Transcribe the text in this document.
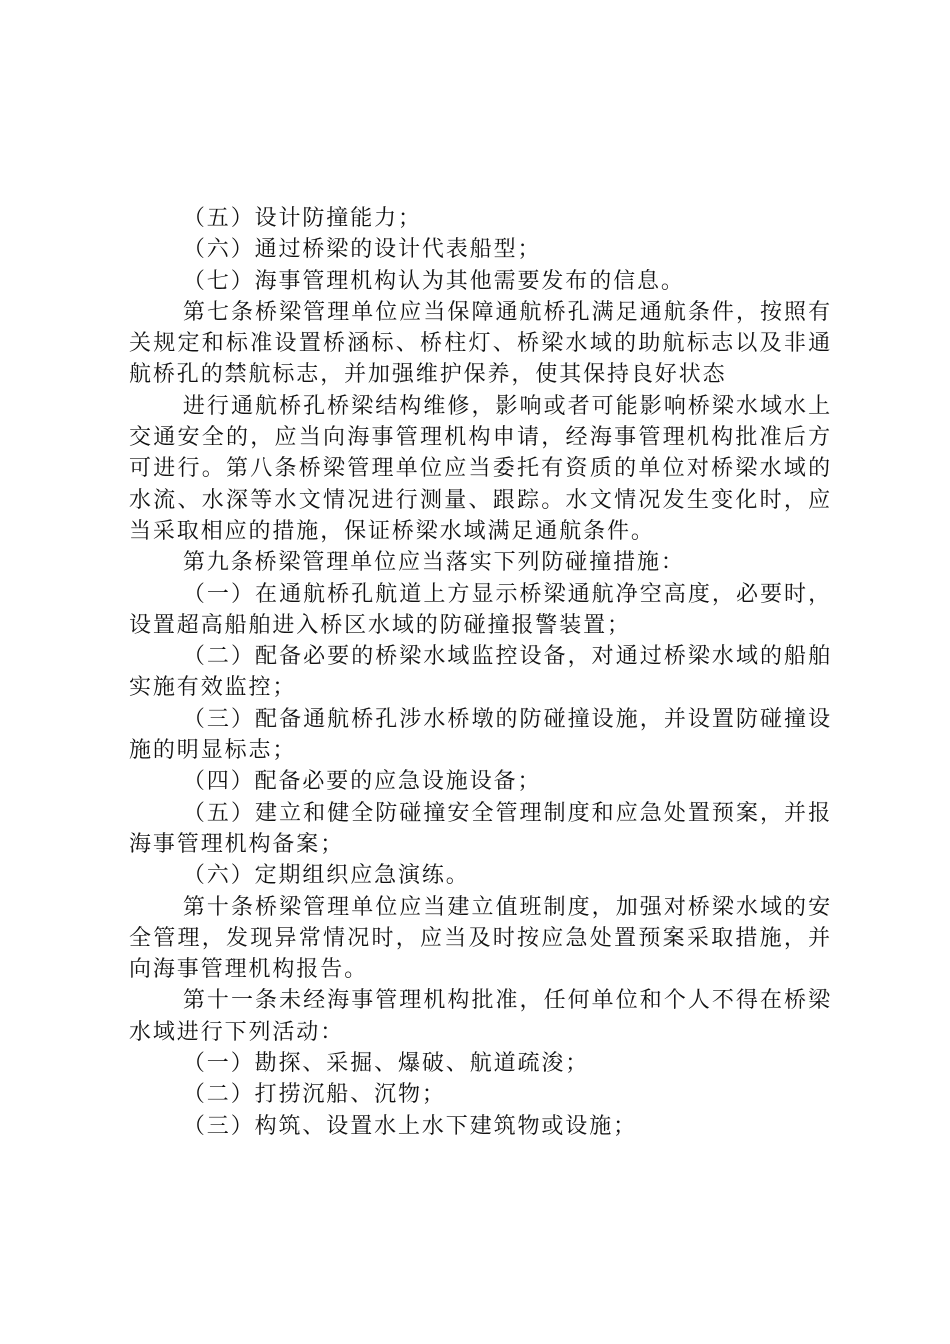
（五）设计防撞能力；

（六）通过桥梁的设计代表船型；

（七）海事管理机构认为其他需要发布的信息。

第七条桥梁管理单位应当保障通航桥孔满足通航条件，按照有关规定和标准设置桥涵标、桥柱灯、桥梁水域的助航标志以及非通航桥孔的禁航标志，并加强维护保养，使其保持良好状态

进行通航桥孔桥梁结构维修，影响或者可能影响桥梁水域水上交通安全的，应当向海事管理机构申请，经海事管理机构批准后方可进行。第八条桥梁管理单位应当委托有资质的单位对桥梁水域的水流、水深等水文情况进行测量、跟踪。水文情况发生变化时，应当采取相应的措施，保证桥梁水域满足通航条件。

第九条桥梁管理单位应当落实下列防碰撞措施：

（一）在通航桥孔航道上方显示桥梁通航净空高度，必要时，设置超高船舶进入桥区水域的防碰撞报警装置；

（二）配备必要的桥梁水域监控设备，对通过桥梁水域的船舶实施有效监控；

（三）配备通航桥孔涉水桥墩的防碰撞设施，并设置防碰撞设施的明显标志；

（四）配备必要的应急设施设备；

（五）建立和健全防碰撞安全管理制度和应急处置预案，并报海事管理机构备案；

（六）定期组织应急演练。

第十条桥梁管理单位应当建立值班制度，加强对桥梁水域的安全管理，发现异常情况时，应当及时按应急处置预案采取措施，并向海事管理机构报告。

第十一条未经海事管理机构批准，任何单位和个人不得在桥梁水域进行下列活动：

（一）勘探、采掘、爆破、航道疏浚；

（二）打捞沉船、沉物；

（三）构筑、设置水上水下建筑物或设施；
